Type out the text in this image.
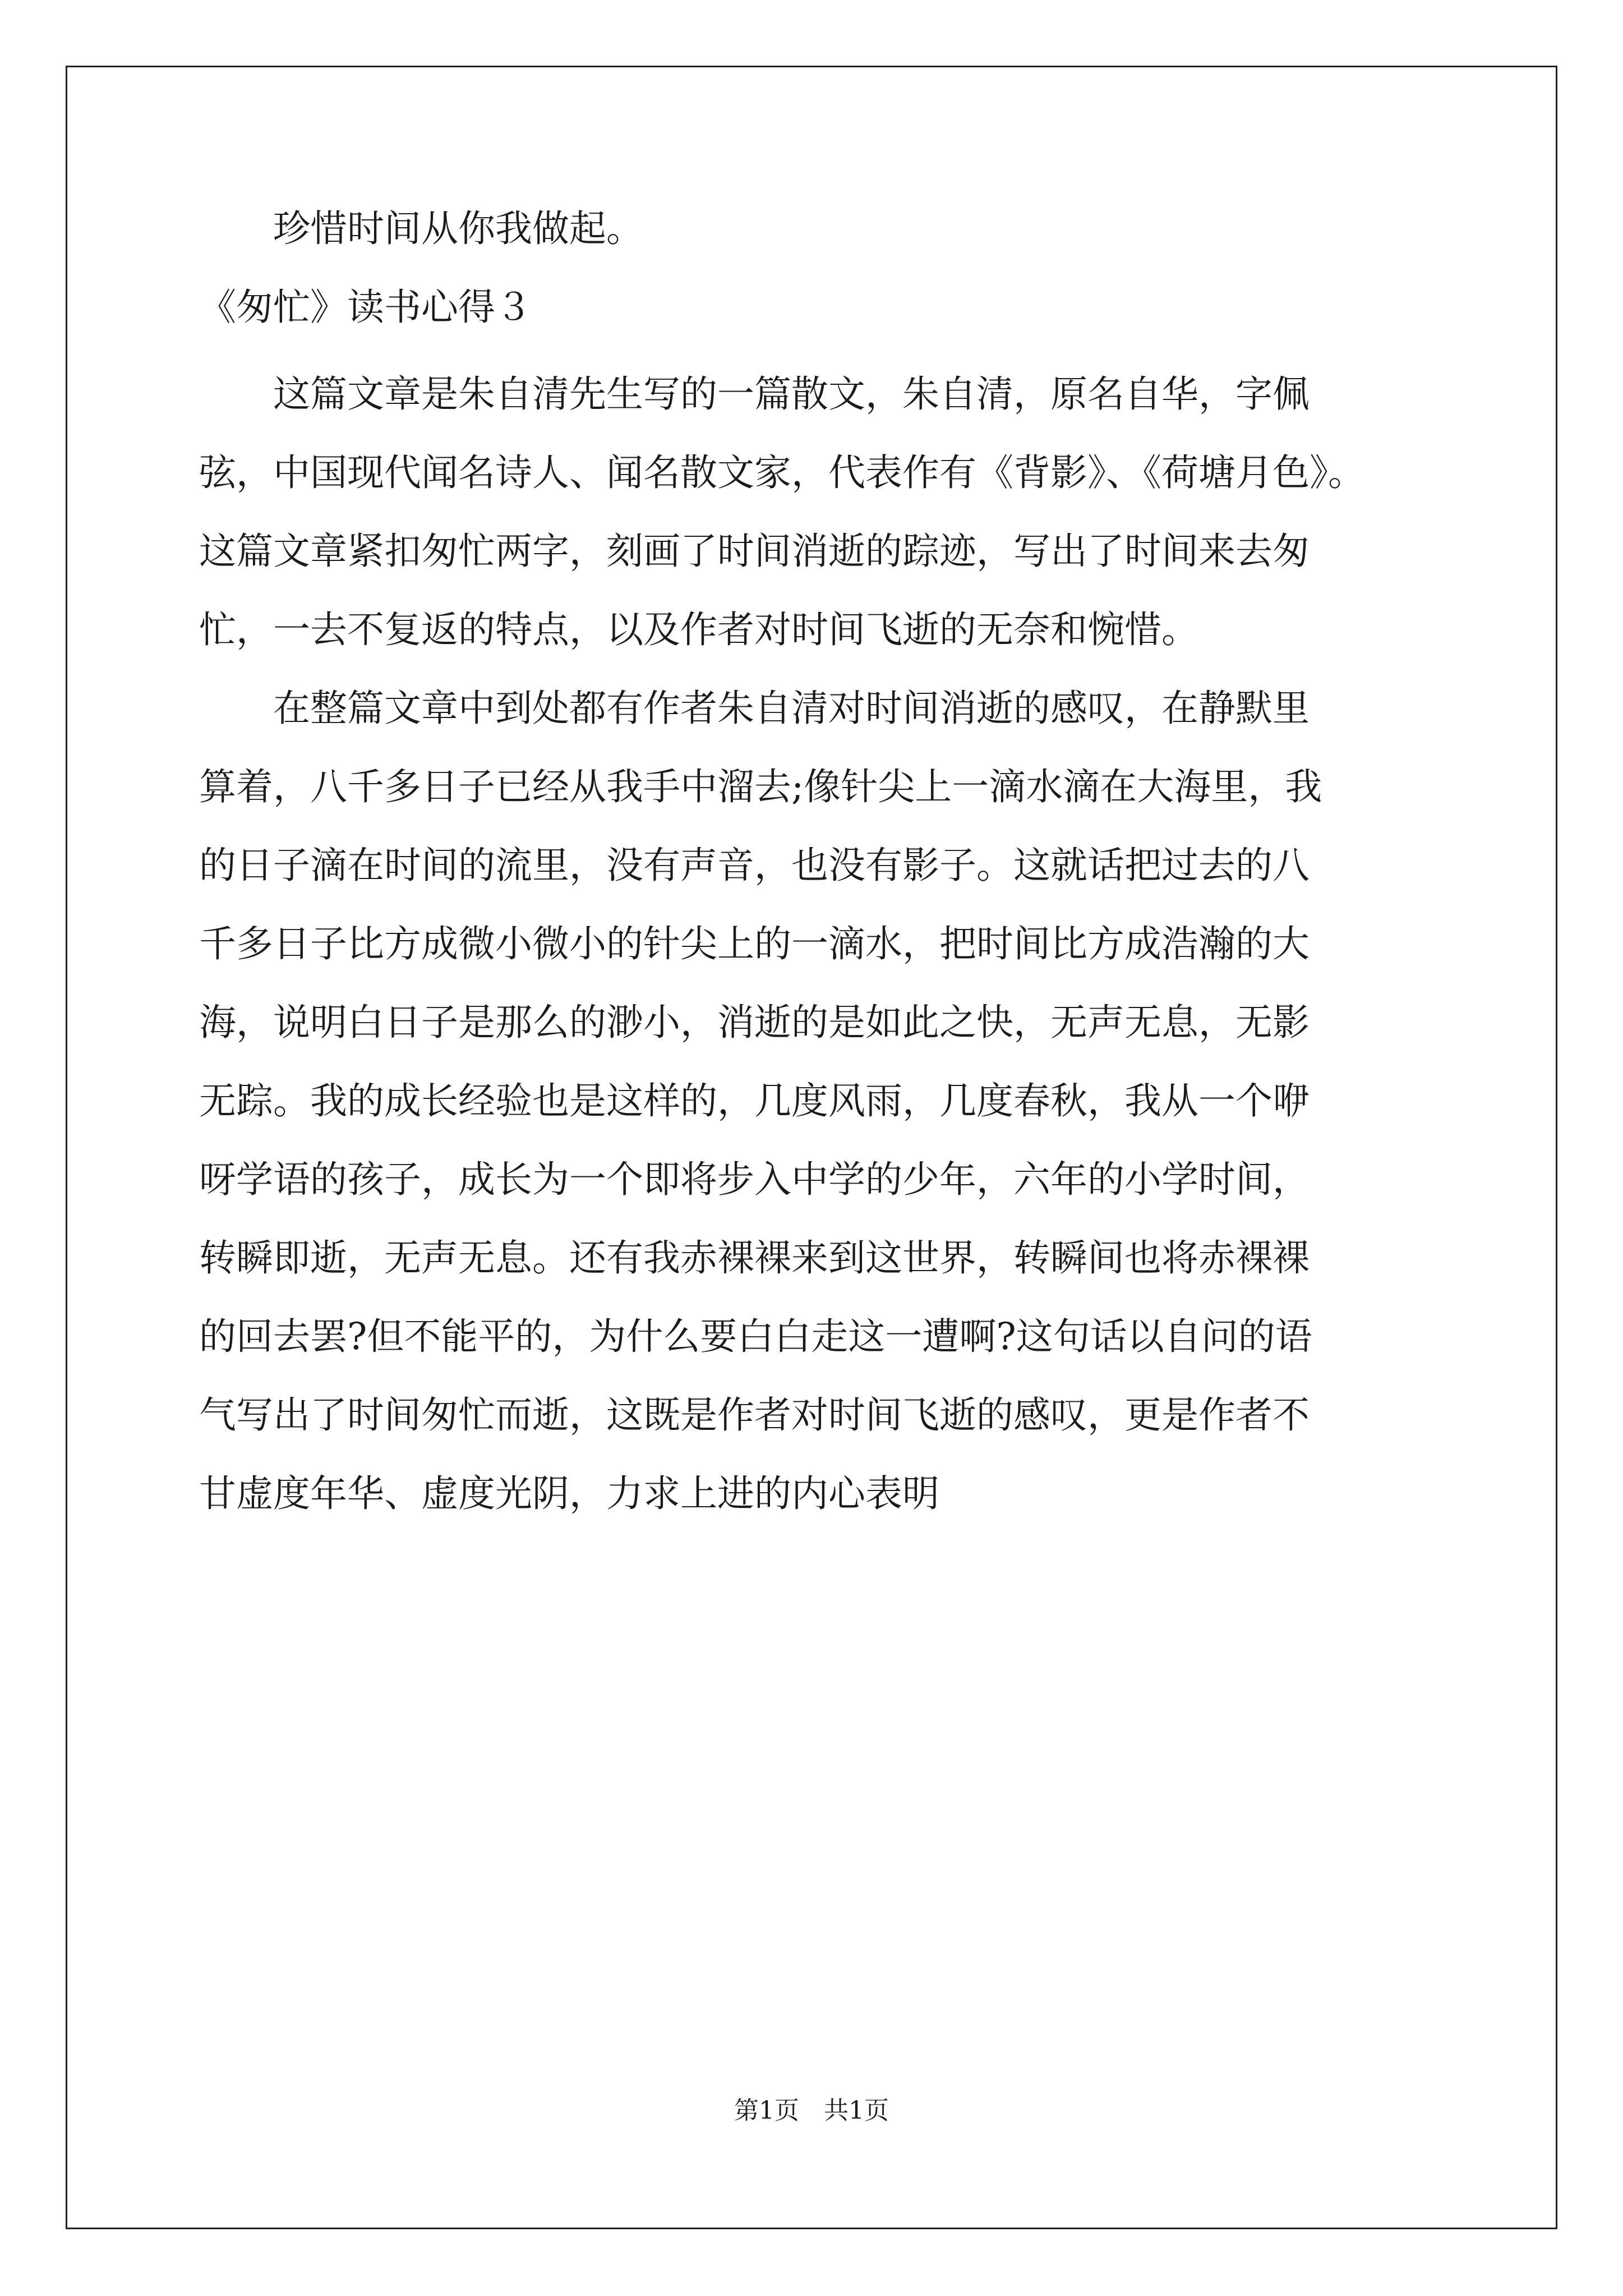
　　珍惜时间从你我做起。
《匆忙》读书心得３
　　这篇文章是朱自清先生写的一篇散文，朱自清，原名自华，字佩
弦，中国现代闻名诗人、闻名散文家，代表作有《背影》、《荷塘月色》。
这篇文章紧扣匆忙两字，刻画了时间消逝的踪迹，写出了时间来去匆
忙，一去不复返的特点，以及作者对时间飞逝的无奈和惋惜。
　　在整篇文章中到处都有作者朱自清对时间消逝的感叹，在静默里
算着，八千多日子已经从我手中溜去;像针尖上一滴水滴在大海里，我
的日子滴在时间的流里，没有声音，也没有影子。这就话把过去的八
千多日子比方成微小微小的针尖上的一滴水，把时间比方成浩瀚的大
海，说明白日子是那么的渺小，消逝的是如此之快，无声无息，无影
无踪。我的成长经验也是这样的，几度风雨，几度春秋，我从一个咿
呀学语的孩子，成长为一个即将步入中学的少年，六年的小学时间，
转瞬即逝，无声无息。还有我赤裸裸来到这世界，转瞬间也将赤裸裸
的回去罢?但不能平的，为什么要白白走这一遭啊?这句话以自问的语
气写出了时间匆忙而逝，这既是作者对时间飞逝的感叹，更是作者不
甘虚度年华、虚度光阴，力求上进的内心表明
第1页　共1页
